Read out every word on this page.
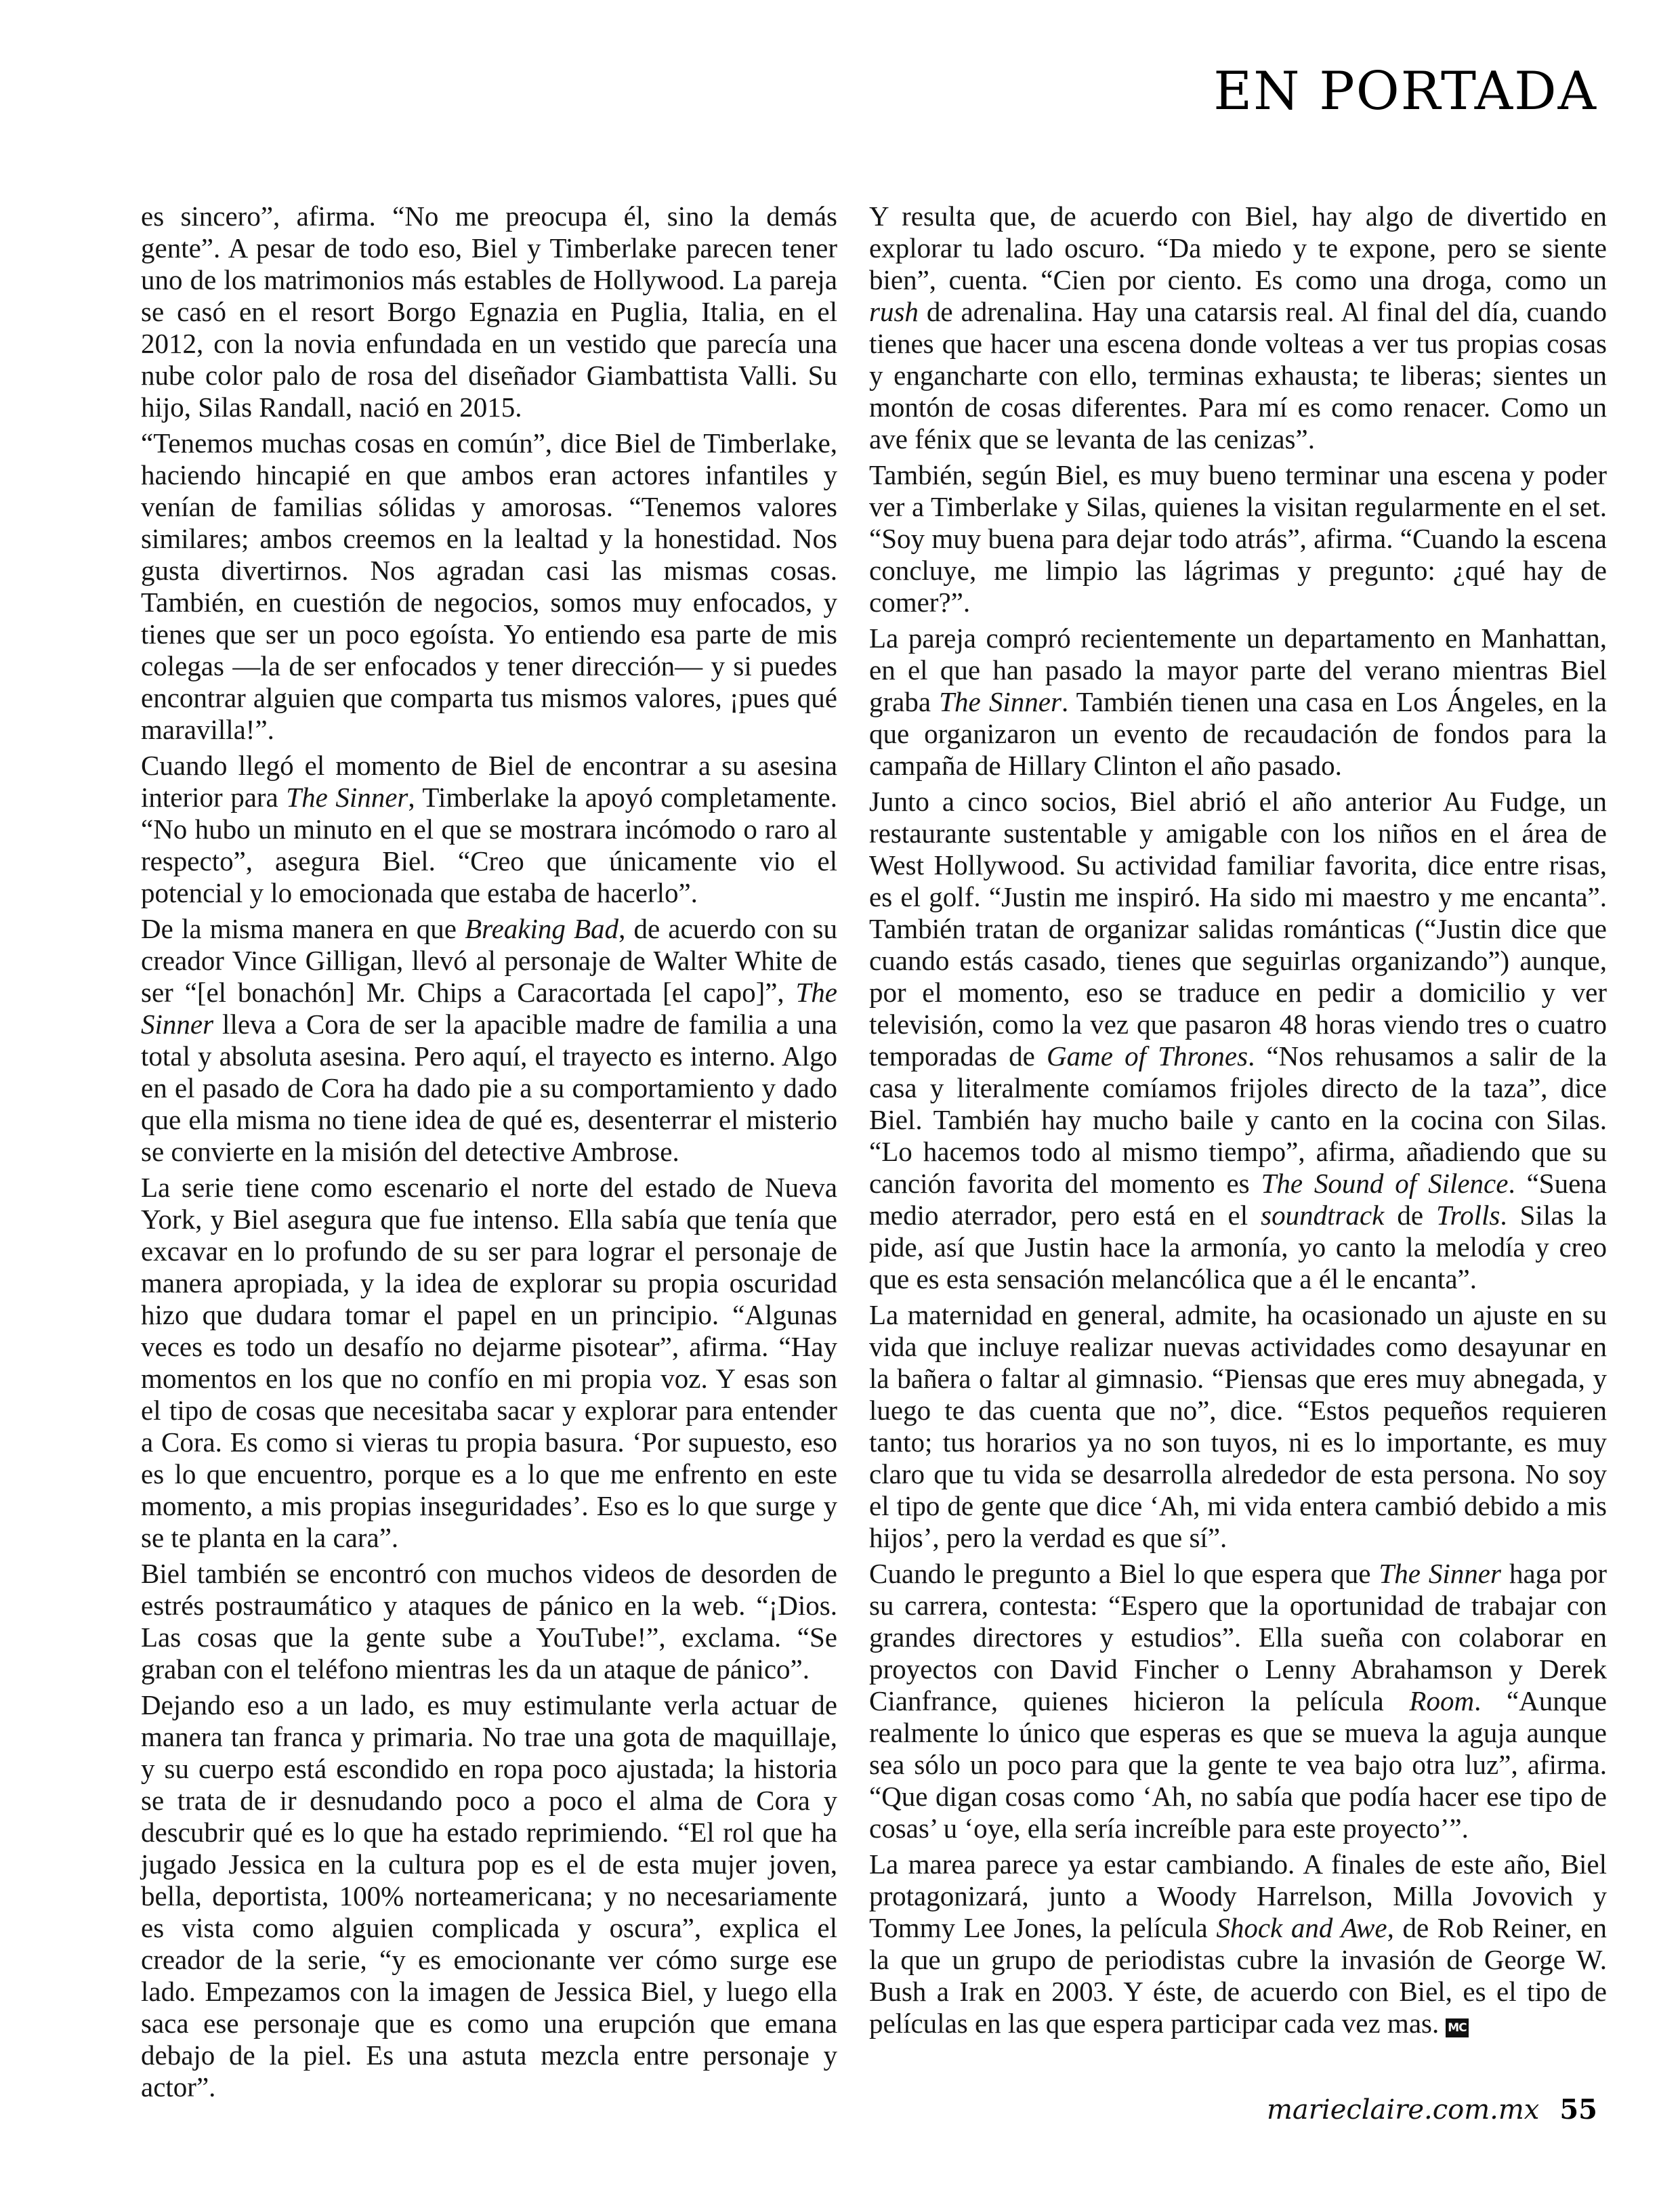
EN PORTADA

es sincero”, afirma. “No me preocupa él, sino la demás gente”. A pesar de todo eso, Biel y Timberlake parecen tener uno de los matrimonios más estables de Hollywood. La pareja se casó en el resort Borgo Egnazia en Puglia, Italia, en el 2012, con la novia enfundada en un vestido que parecía una nube color palo de rosa del diseñador Giambattista Valli. Su hijo, Silas Randall, nació en 2015.

“Tenemos muchas cosas en común”, dice Biel de Timberlake, haciendo hincapié en que ambos eran actores infantiles y venían de familias sólidas y amorosas. “Tenemos valores similares; ambos creemos en la lealtad y la honestidad. Nos gusta divertirnos. Nos agradan casi las mismas cosas. También, en cuestión de negocios, somos muy enfocados, y tienes que ser un poco egoísta. Yo entiendo esa parte de mis colegas —la de ser enfocados y tener dirección— y si puedes encontrar alguien que comparta tus mismos valores, ¡pues qué maravilla!”.

Cuando llegó el momento de Biel de encontrar a su asesina interior para The Sinner, Timberlake la apoyó completamente. “No hubo un minuto en el que se mostrara incómodo o raro al respecto”, asegura Biel. “Creo que únicamente vio el potencial y lo emocionada que estaba de hacerlo”.

De la misma manera en que Breaking Bad, de acuerdo con su creador Vince Gilligan, llevó al personaje de Walter White de ser “[el bonachón] Mr. Chips a Caracortada [el capo]”, The Sinner lleva a Cora de ser la apacible madre de familia a una total y absoluta asesina. Pero aquí, el trayecto es interno. Algo en el pasado de Cora ha dado pie a su comportamiento y dado que ella misma no tiene idea de qué es, desenterrar el misterio se convierte en la misión del detective Ambrose.

La serie tiene como escenario el norte del estado de Nueva York, y Biel asegura que fue intenso. Ella sabía que tenía que excavar en lo profundo de su ser para lograr el personaje de manera apropiada, y la idea de explorar su propia oscuridad hizo que dudara tomar el papel en un principio. “Algunas veces es todo un desafío no dejarme pisotear”, afirma. “Hay momentos en los que no confío en mi propia voz. Y esas son el tipo de cosas que necesitaba sacar y explorar para entender a Cora. Es como si vieras tu propia basura. ‘Por supuesto, eso es lo que encuentro, porque es a lo que me enfrento en este momento, a mis propias inseguridades’. Eso es lo que surge y se te planta en la cara”.

Biel también se encontró con muchos videos de desorden de estrés postraumático y ataques de pánico en la web. “¡Dios. Las cosas que la gente sube a YouTube!”, exclama. “Se graban con el teléfono mientras les da un ataque de pánico”.

Dejando eso a un lado, es muy estimulante verla actuar de manera tan franca y primaria. No trae una gota de maquillaje, y su cuerpo está escondido en ropa poco ajustada; la historia se trata de ir desnudando poco a poco el alma de Cora y descubrir qué es lo que ha estado reprimiendo. “El rol que ha jugado Jessica en la cultura pop es el de esta mujer joven, bella, deportista, 100% norteamericana; y no necesariamente es vista como alguien complicada y oscura”, explica el creador de la serie, “y es emocionante ver cómo surge ese lado. Empezamos con la imagen de Jessica Biel, y luego ella saca ese personaje que es como una erupción que emana debajo de la piel. Es una astuta mezcla entre personaje y actor”.

Y resulta que, de acuerdo con Biel, hay algo de divertido en explorar tu lado oscuro. “Da miedo y te expone, pero se siente bien”, cuenta. “Cien por ciento. Es como una droga, como un rush de adrenalina. Hay una catarsis real. Al final del día, cuando tienes que hacer una escena donde volteas a ver tus propias cosas y engancharte con ello, terminas exhausta; te liberas; sientes un montón de cosas diferentes. Para mí es como renacer. Como un ave fénix que se levanta de las cenizas”.

También, según Biel, es muy bueno terminar una escena y poder ver a Timberlake y Silas, quienes la visitan regularmente en el set. “Soy muy buena para dejar todo atrás”, afirma. “Cuando la escena concluye, me limpio las lágrimas y pregunto: ¿qué hay de comer?”.

La pareja compró recientemente un departamento en Manhattan, en el que han pasado la mayor parte del verano mientras Biel graba The Sinner. También tienen una casa en Los Ángeles, en la que organizaron un evento de recaudación de fondos para la campaña de Hillary Clinton el año pasado.

Junto a cinco socios, Biel abrió el año anterior Au Fudge, un restaurante sustentable y amigable con los niños en el área de West Hollywood. Su actividad familiar favorita, dice entre risas, es el golf. “Justin me inspiró. Ha sido mi maestro y me encanta”. También tratan de organizar salidas románticas (“Justin dice que cuando estás casado, tienes que seguirlas organizando”) aunque, por el momento, eso se traduce en pedir a domicilio y ver televisión, como la vez que pasaron 48 horas viendo tres o cuatro temporadas de Game of Thrones. “Nos rehusamos a salir de la casa y literalmente comíamos frijoles directo de la taza”, dice Biel. También hay mucho baile y canto en la cocina con Silas. “Lo hacemos todo al mismo tiempo”, afirma, añadiendo que su canción favorita del momento es The Sound of Silence. “Suena medio aterrador, pero está en el soundtrack de Trolls. Silas la pide, así que Justin hace la armonía, yo canto la melodía y creo que es esta sensación melancólica que a él le encanta”.

La maternidad en general, admite, ha ocasionado un ajuste en su vida que incluye realizar nuevas actividades como desayunar en la bañera o faltar al gimnasio. “Piensas que eres muy abnegada, y luego te das cuenta que no”, dice. “Estos pequeños requieren tanto; tus horarios ya no son tuyos, ni es lo importante, es muy claro que tu vida se desarrolla alrededor de esta persona. No soy el tipo de gente que dice ‘Ah, mi vida entera cambió debido a mis hijos’, pero la verdad es que sí”.

Cuando le pregunto a Biel lo que espera que The Sinner haga por su carrera, contesta: “Espero que la oportunidad de trabajar con grandes directores y estudios”. Ella sueña con colaborar en proyectos con David Fincher o Lenny Abrahamson y Derek Cianfrance, quienes hicieron la película Room. “Aunque realmente lo único que esperas es que se mueva la aguja aunque sea sólo un poco para que la gente te vea bajo otra luz”, afirma. “Que digan cosas como ‘Ah, no sabía que podía hacer ese tipo de cosas’ u ‘oye, ella sería increíble para este proyecto’”.

La marea parece ya estar cambiando. A finales de este año, Biel protagonizará, junto a Woody Harrelson, Milla Jovovich y Tommy Lee Jones, la película Shock and Awe, de Rob Reiner, en la que un grupo de periodistas cubre la invasión de George W. Bush a Irak en 2003. Y éste, de acuerdo con Biel, es el tipo de películas en las que espera participar cada vez mas. MC

marieclaire.com.mx 55
